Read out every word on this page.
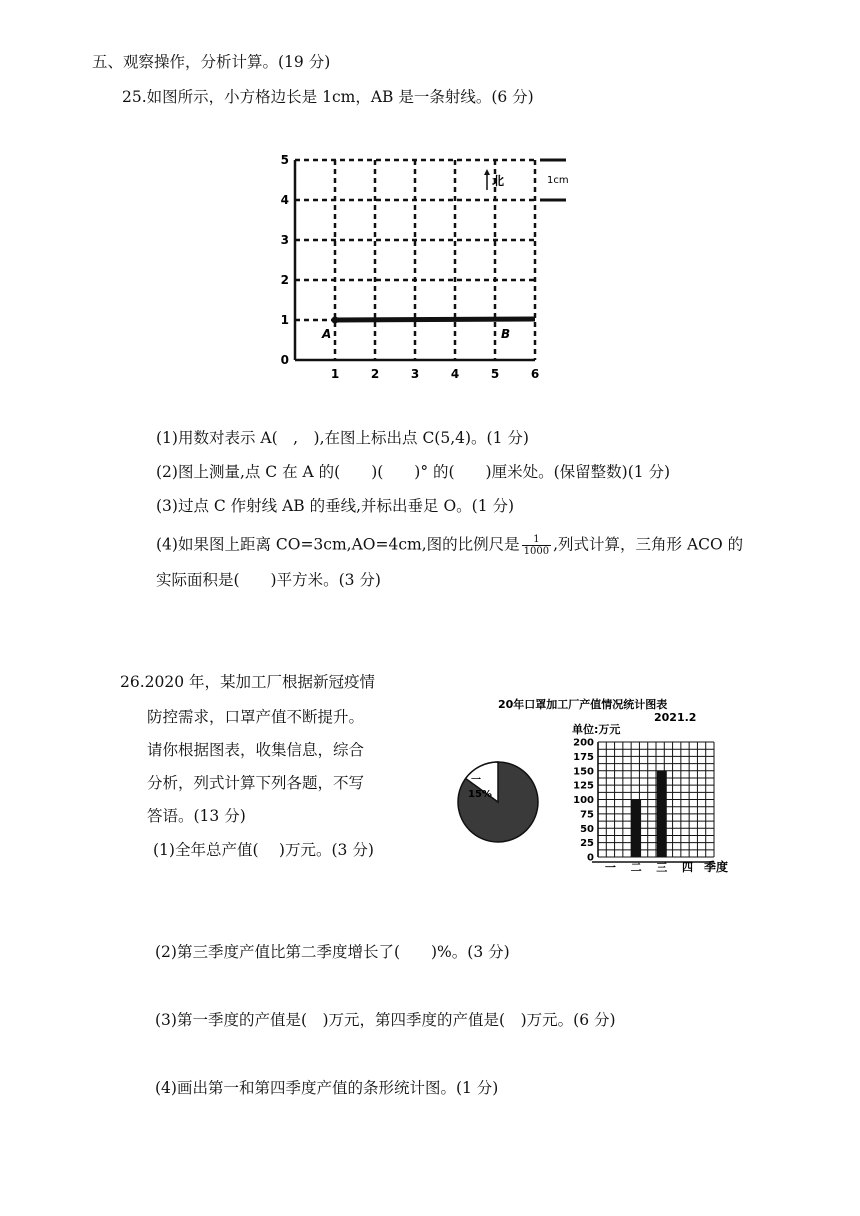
五、观察操作，分析计算。(19 分)
25.如图所示，小方格边长是 1cm，AB 是一条射线。(6 分)
0
1
2
3
4
5
1	2	3	4	5	6
A	B
北	1cm
(1)用数对表示 A(　,　),在图上标出点 C(5,4)。(1 分)
(2)图上测量,点 C 在 A 的(　　)(　　)° 的(　　)厘米处。(保留整数)(1 分)
(3)过点 C 作射线 AB 的垂线,并标出垂足 O。(1 分)
(4)如果图上距离 CO=3cm,AO=4cm,图的比例尺是 $\frac{1}{1000}$ ,列式计算，三角形 ACO 的
实际面积是(　　)平方米。(3 分)
26.2020 年，某加工厂根据新冠疫情
防控需求，口罩产值不断提升。
请你根据图表，收集信息，综合
分析，列式计算下列各题，不写
答语。(13 分)
(1)全年总产值(　 )万元。(3 分)
20年口罩加工厂产值情况统计图表
2021.2
单位:万元
一
15%
0
25
50
75
100
125
150
175
200
一 二 三 四 季度
(2)第三季度产值比第二季度增长了(　　)%。(3 分)
(3)第一季度的产值是(　)万元，第四季度的产值是(　)万元。(6 分)
(4)画出第一和第四季度产值的条形统计图。(1 分)
